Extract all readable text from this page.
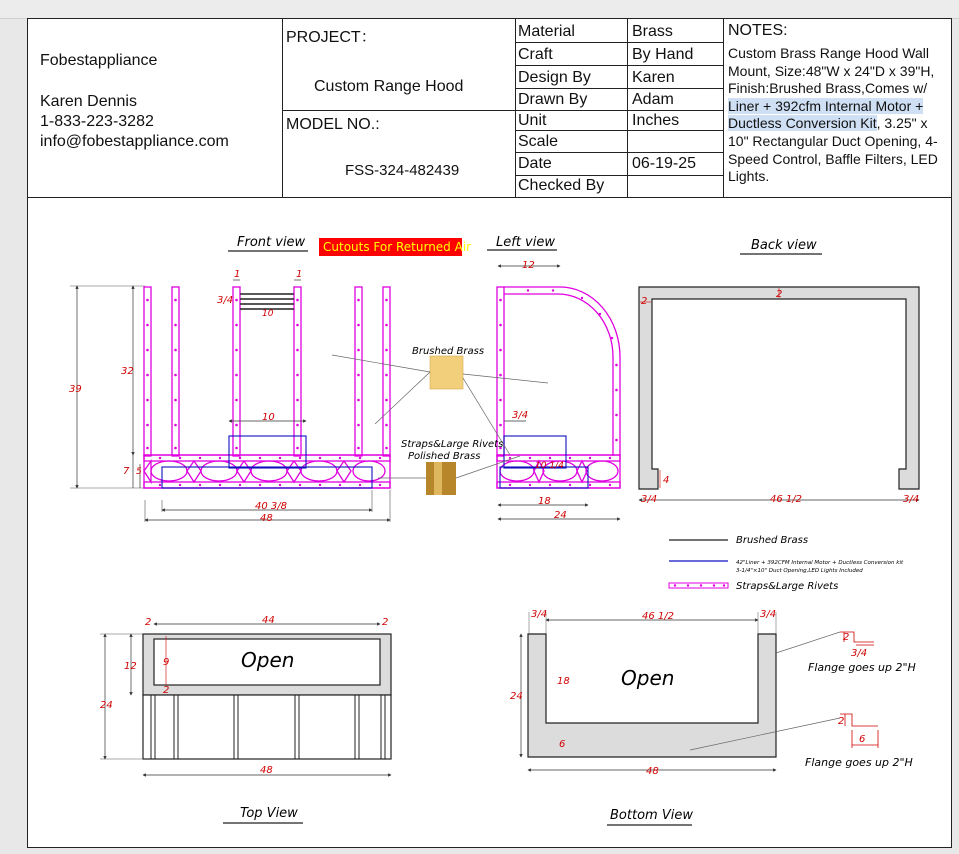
Fobestappliance
Karen Dennis
1-833-223-3282
info@fobestappliance.com
PROJECT：
Custom Range Hood
MODEL NO.:
FSS-324-482439
Material	Brass
Craft	By Hand
Design By	Karen
Drawn By	Adam
Unit	Inches
Scale
Date	06-19-25
Checked By
NOTES:
Custom Brass Range Hood Wall Mount, Size:48"W x 24"D x 39"H, Finish:Brushed Brass,Comes w/ Liner + 392cfm Internal Motor + Ductless Conversion Kit, 3.25" x 10" Rectangular Duct Opening, 4-Speed Control, Baffle Filters, LED Lights.
Front view Cutouts For Returned Air
1	1
3/4
10
32
39
10
7 5
40 3/8
48
Left view
12
3/4
10 1/4
18
24
Brushed Brass
Straps&Large Rivets
Polished Brass
Back view
2
2
4
3/4	46 1/2	3/4
Brushed Brass
42"Liner + 392CFM Internal Motor + Ductless Conversion kit
3-1/4"×10" Duct Opening,LED Lights Included
Straps&Large Rivets
Open
2	44	2
12	9
2
24
48
Top View
Open
3/4	46 1/2	3/4
24
18
6
48
Bottom View
2
3/4
Flange goes up 2"H
2
6
Flange goes up 2"H
